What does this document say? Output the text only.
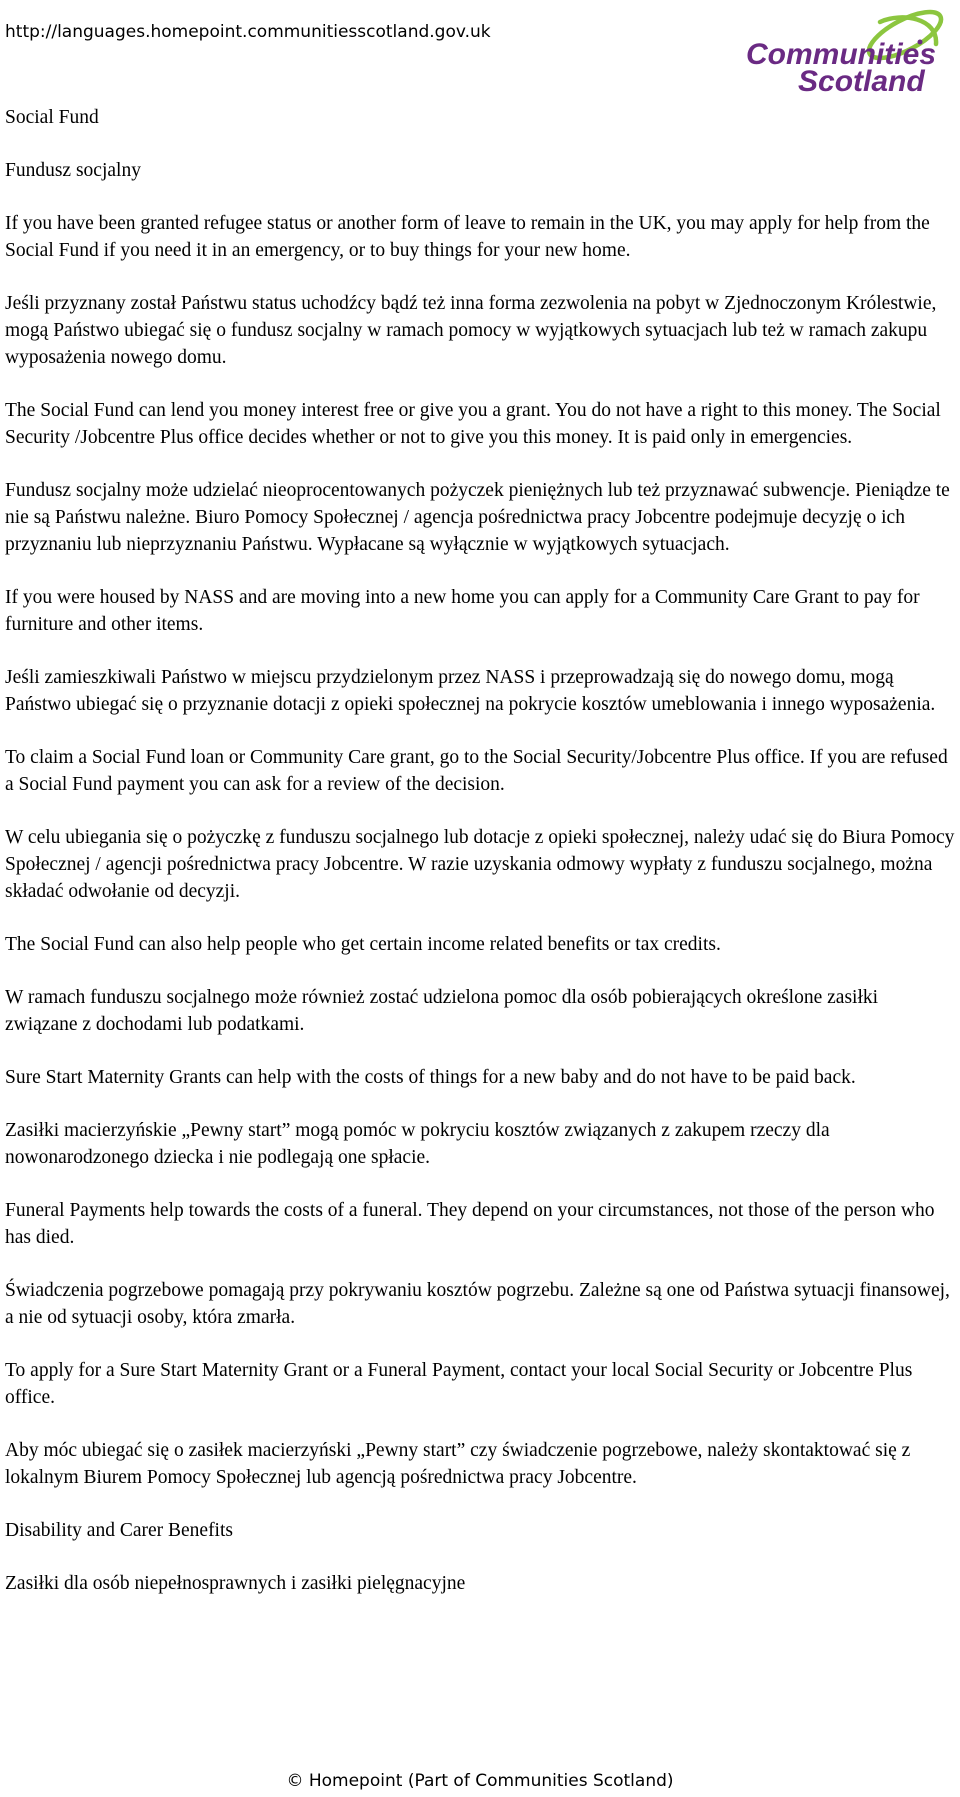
http://languages.homepoint.communitiesscotland.gov.uk
Communities
Scotland

Social Fund

Fundusz socjalny

If you have been granted refugee status or another form of leave to remain in the UK, you may apply for help from the Social Fund if you need it in an emergency, or to buy things for your new home.

Jeśli przyznany został Państwu status uchodźcy bądź też inna forma zezwolenia na pobyt w Zjednoczonym Królestwie, mogą Państwo ubiegać się o fundusz socjalny w ramach pomocy w wyjątkowych sytuacjach lub też w ramach zakupu wyposażenia nowego domu.

The Social Fund can lend you money interest free or give you a grant. You do not have a right to this money. The Social Security /Jobcentre Plus office decides whether or not to give you this money. It is paid only in emergencies.

Fundusz socjalny może udzielać nieoprocentowanych pożyczek pieniężnych lub też przyznawać subwencje. Pieniądze te nie są Państwu należne. Biuro Pomocy Społecznej / agencja pośrednictwa pracy Jobcentre podejmuje decyzję o ich przyznaniu lub nieprzyznaniu Państwu. Wypłacane są wyłącznie w wyjątkowych sytuacjach.

If you were housed by NASS and are moving into a new home you can apply for a Community Care Grant to pay for furniture and other items.

Jeśli zamieszkiwali Państwo w miejscu przydzielonym przez NASS i przeprowadzają się do nowego domu, mogą Państwo ubiegać się o przyznanie dotacji z opieki społecznej na pokrycie kosztów umeblowania i innego wyposażenia.

To claim a Social Fund loan or Community Care grant, go to the Social Security/Jobcentre Plus office. If you are refused a Social Fund payment you can ask for a review of the decision.

W celu ubiegania się o pożyczkę z funduszu socjalnego lub dotacje z opieki społecznej, należy udać się do Biura Pomocy Społecznej / agencji pośrednictwa pracy Jobcentre. W razie uzyskania odmowy wypłaty z funduszu socjalnego, można składać odwołanie od decyzji.

The Social Fund can also help people who get certain income related benefits or tax credits.

W ramach funduszu socjalnego może również zostać udzielona pomoc dla osób pobierających określone zasiłki związane z dochodami lub podatkami.

Sure Start Maternity Grants can help with the costs of things for a new baby and do not have to be paid back.

Zasiłki macierzyńskie „Pewny start” mogą pomóc w pokryciu kosztów związanych z zakupem rzeczy dla nowonarodzonego dziecka i nie podlegają one spłacie.

Funeral Payments help towards the costs of a funeral. They depend on your circumstances, not those of the person who has died.

Świadczenia pogrzebowe pomagają przy pokrywaniu kosztów pogrzebu. Zależne są one od Państwa sytuacji finansowej, a nie od sytuacji osoby, która zmarła.

To apply for a Sure Start Maternity Grant or a Funeral Payment, contact your local Social Security or Jobcentre Plus office.

Aby móc ubiegać się o zasiłek macierzyński „Pewny start” czy świadczenie pogrzebowe, należy skontaktować się z lokalnym Biurem Pomocy Społecznej lub agencją pośrednictwa pracy Jobcentre.

Disability and Carer Benefits

Zasiłki dla osób niepełnosprawnych i zasiłki pielęgnacyjne

© Homepoint (Part of Communities Scotland)
